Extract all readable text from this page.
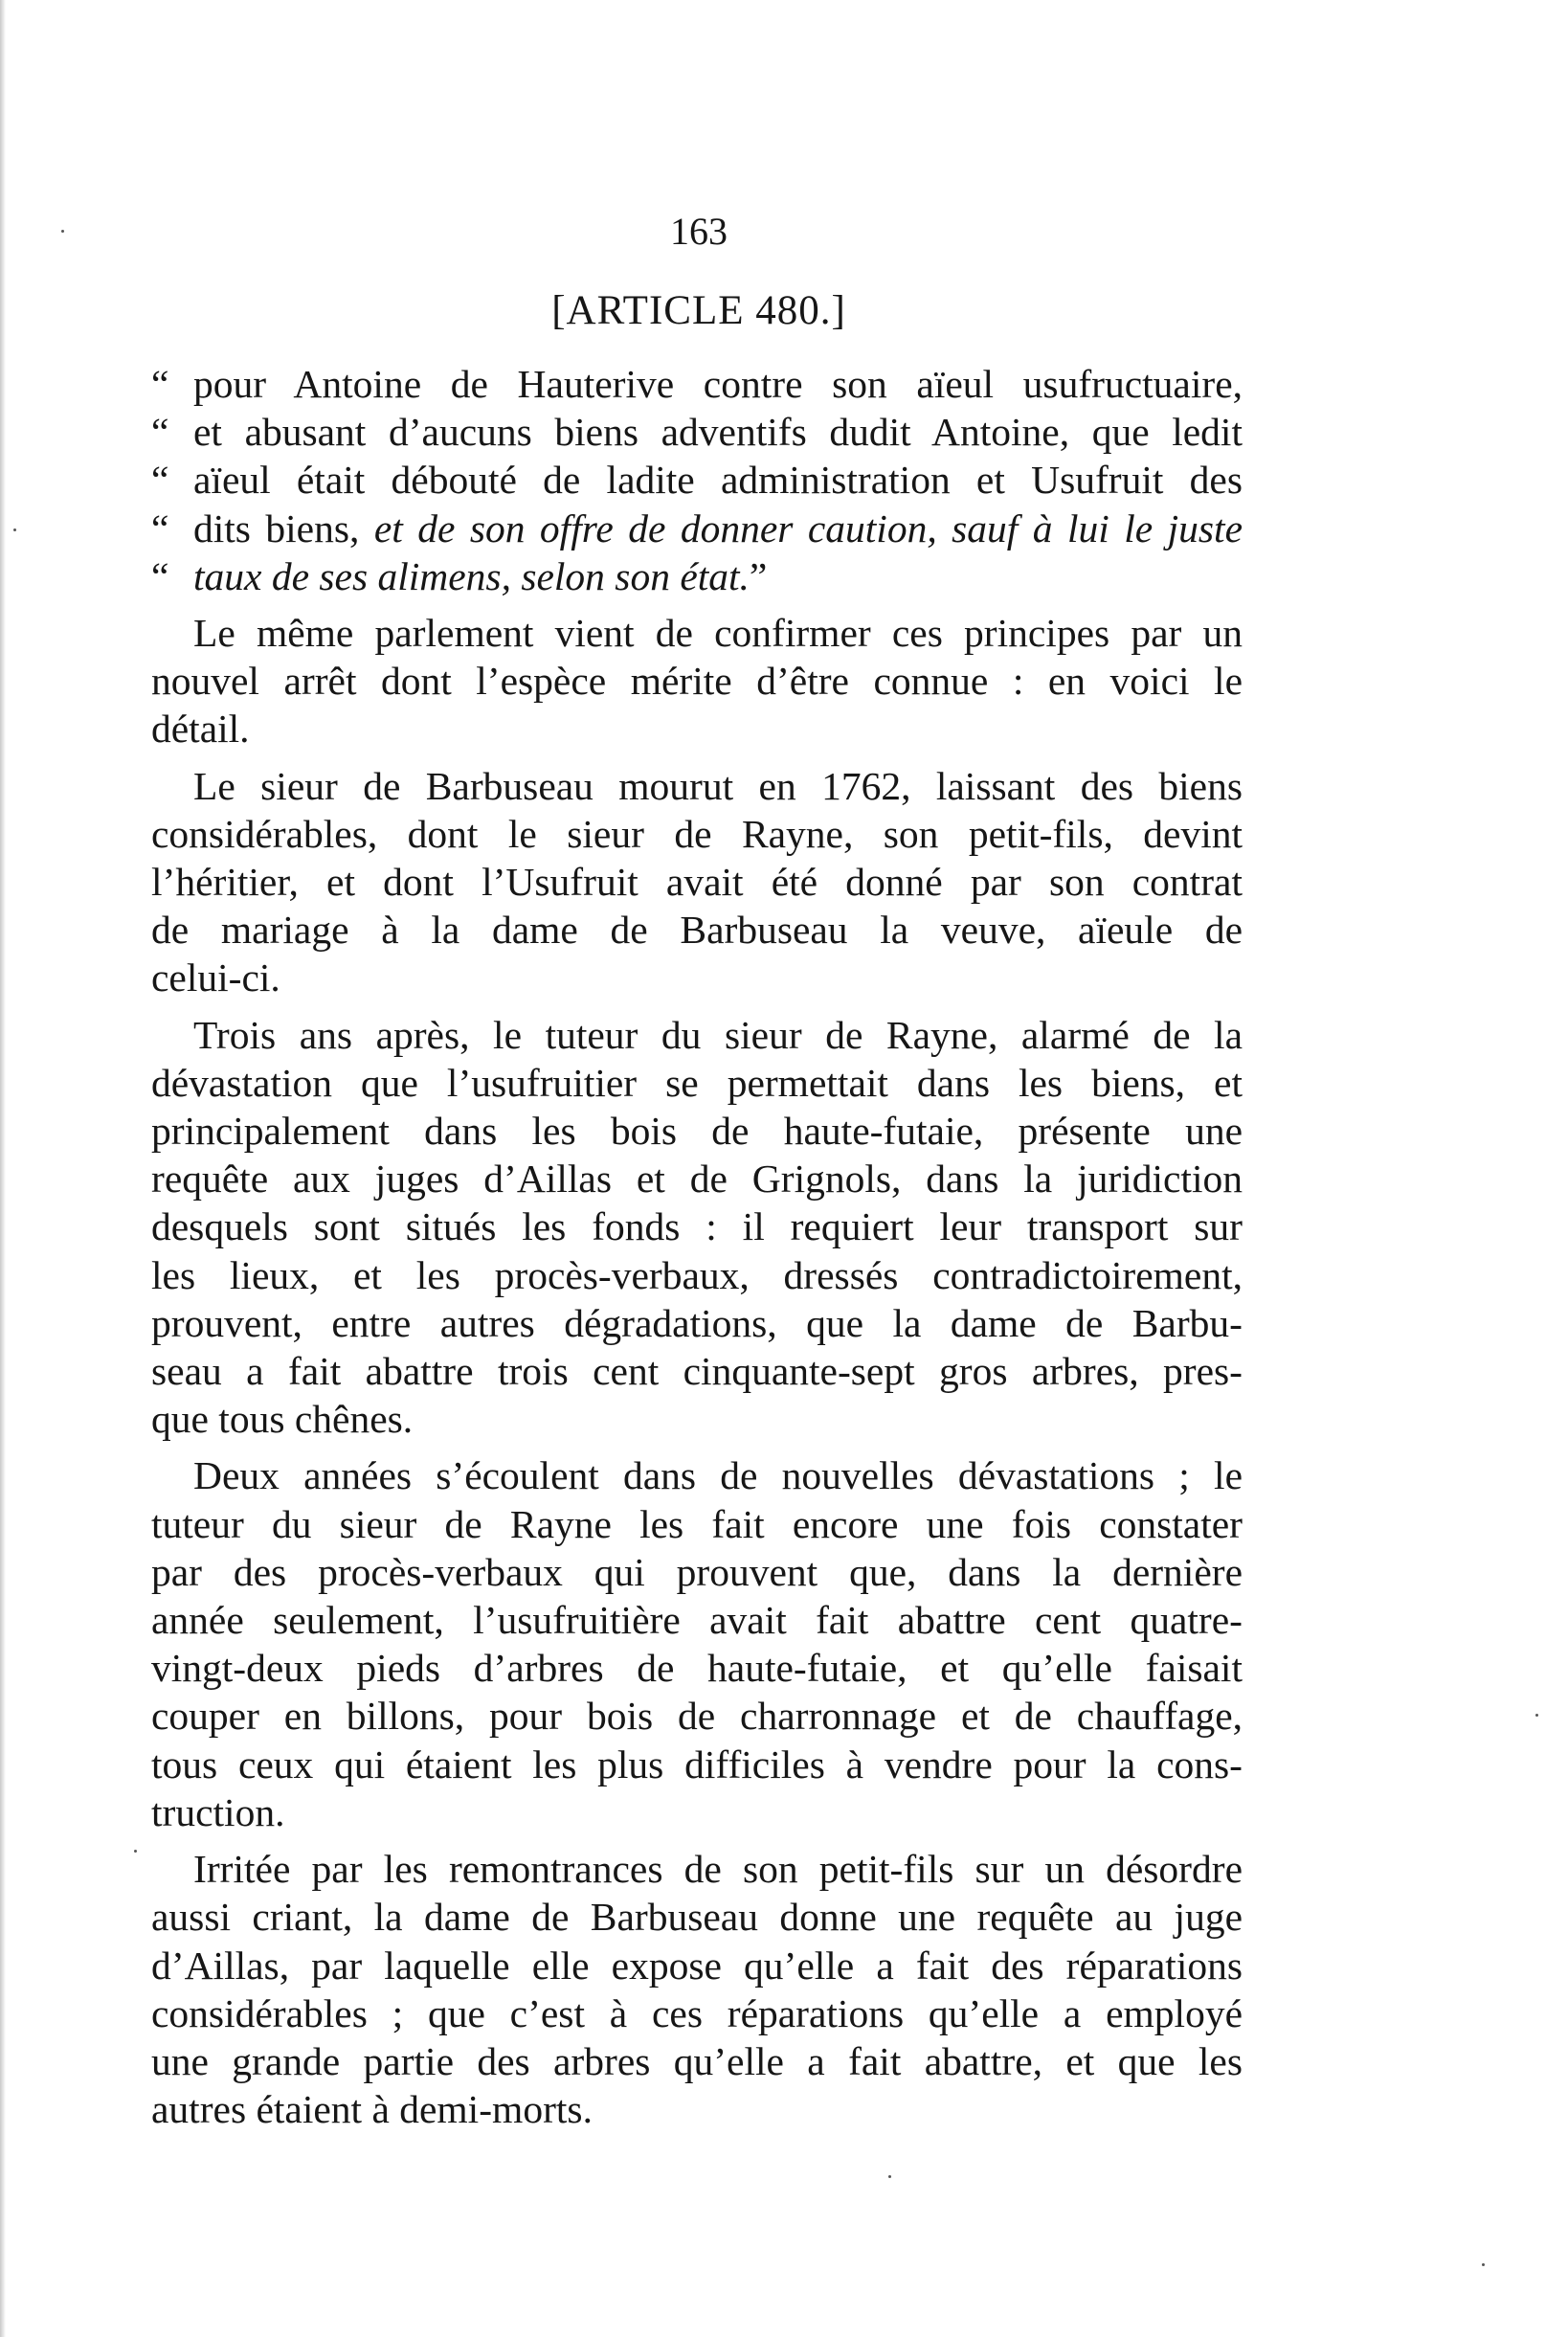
163
[ARTICLE 480.]
“ pour Antoine de Hauterive contre son aïeul usufructuaire,
“ et abusant d’aucuns biens adventifs dudit Antoine, que ledit
“ aïeul était débouté de ladite administration et Usufruit des
“ dits biens, et de son offre de donner caution, sauf à lui le juste
“ taux de ses alimens, selon son état.”
Le même parlement vient de confirmer ces principes par un
nouvel arrêt dont l’espèce mérite d’être connue : en voici le
détail.
Le sieur de Barbuseau mourut en 1762, laissant des biens
considérables, dont le sieur de Rayne, son petit-fils, devint
l’héritier, et dont l’Usufruit avait été donné par son contrat
de mariage à la dame de Barbuseau la veuve, aïeule de
celui-ci.
Trois ans après, le tuteur du sieur de Rayne, alarmé de la
dévastation que l’usufruitier se permettait dans les biens, et
principalement dans les bois de haute-futaie, présente une
requête aux juges d’Aillas et de Grignols, dans la juridiction
desquels sont situés les fonds : il requiert leur transport sur
les lieux, et les procès-verbaux, dressés contradictoirement,
prouvent, entre autres dégradations, que la dame de Barbu-
seau a fait abattre trois cent cinquante-sept gros arbres, pres-
que tous chênes.
Deux années s’écoulent dans de nouvelles dévastations ; le
tuteur du sieur de Rayne les fait encore une fois constater
par des procès-verbaux qui prouvent que, dans la dernière
année seulement, l’usufruitière avait fait abattre cent quatre-
vingt-deux pieds d’arbres de haute-futaie, et qu’elle faisait
couper en billons, pour bois de charronnage et de chauffage,
tous ceux qui étaient les plus difficiles à vendre pour la cons-
truction.
Irritée par les remontrances de son petit-fils sur un désordre
aussi criant, la dame de Barbuseau donne une requête au juge
d’Aillas, par laquelle elle expose qu’elle a fait des réparations
considérables ; que c’est à ces réparations qu’elle a employé
une grande partie des arbres qu’elle a fait abattre, et que les
autres étaient à demi-morts.
